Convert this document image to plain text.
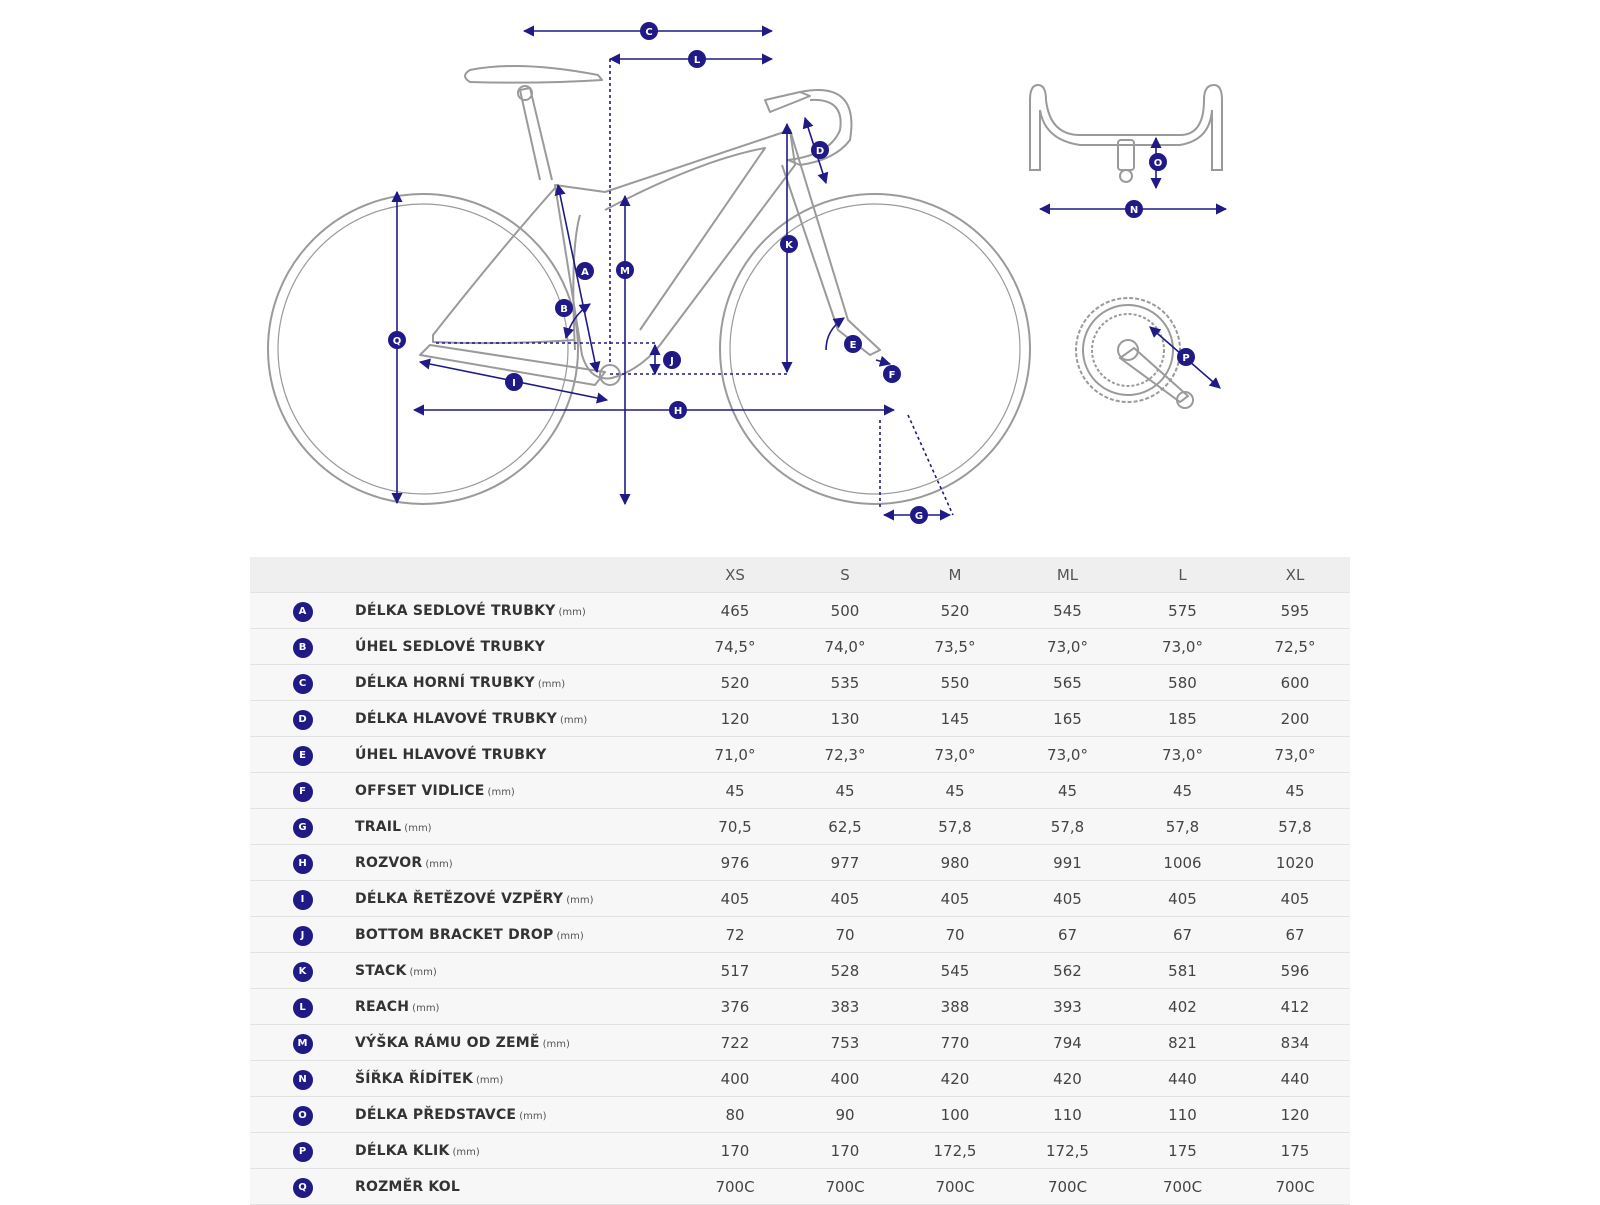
C
L
D
A
B
M
K
J
I
H
Q	E
F
G
N
O
P
		XS	S	M	ML	L	XL
A	DÉLKA SEDLOVÉ TRUBKY (mm)	465	500	520	545	575	595
B	ÚHEL SEDLOVÉ TRUBKY	74,5°	74,0°	73,5°	73,0°	73,0°	72,5°
C	DÉLKA HORNÍ TRUBKY (mm)	520	535	550	565	580	600
D	DÉLKA HLAVOVÉ TRUBKY (mm)	120	130	145	165	185	200
E	ÚHEL HLAVOVÉ TRUBKY	71,0°	72,3°	73,0°	73,0°	73,0°	73,0°
F	OFFSET VIDLICE (mm)	45	45	45	45	45	45
G	TRAIL (mm)	70,5	62,5	57,8	57,8	57,8	57,8
H	ROZVOR (mm)	976	977	980	991	1006	1020
I	DÉLKA ŘETĚZOVÉ VZPĚRY (mm)	405	405	405	405	405	405
J	BOTTOM BRACKET DROP (mm)	72	70	70	67	67	67
K	STACK (mm)	517	528	545	562	581	596
L	REACH (mm)	376	383	388	393	402	412
M	VÝŠKA RÁMU OD ZEMĚ (mm)	722	753	770	794	821	834
N	ŠÍŘKA ŘÍDÍTEK (mm)	400	400	420	420	440	440
O	DÉLKA PŘEDSTAVCE (mm)	80	90	100	110	110	120
P	DÉLKA KLIK (mm)	170	170	172,5	172,5	175	175
Q	ROZMĚR KOL	700C	700C	700C	700C	700C	700C
